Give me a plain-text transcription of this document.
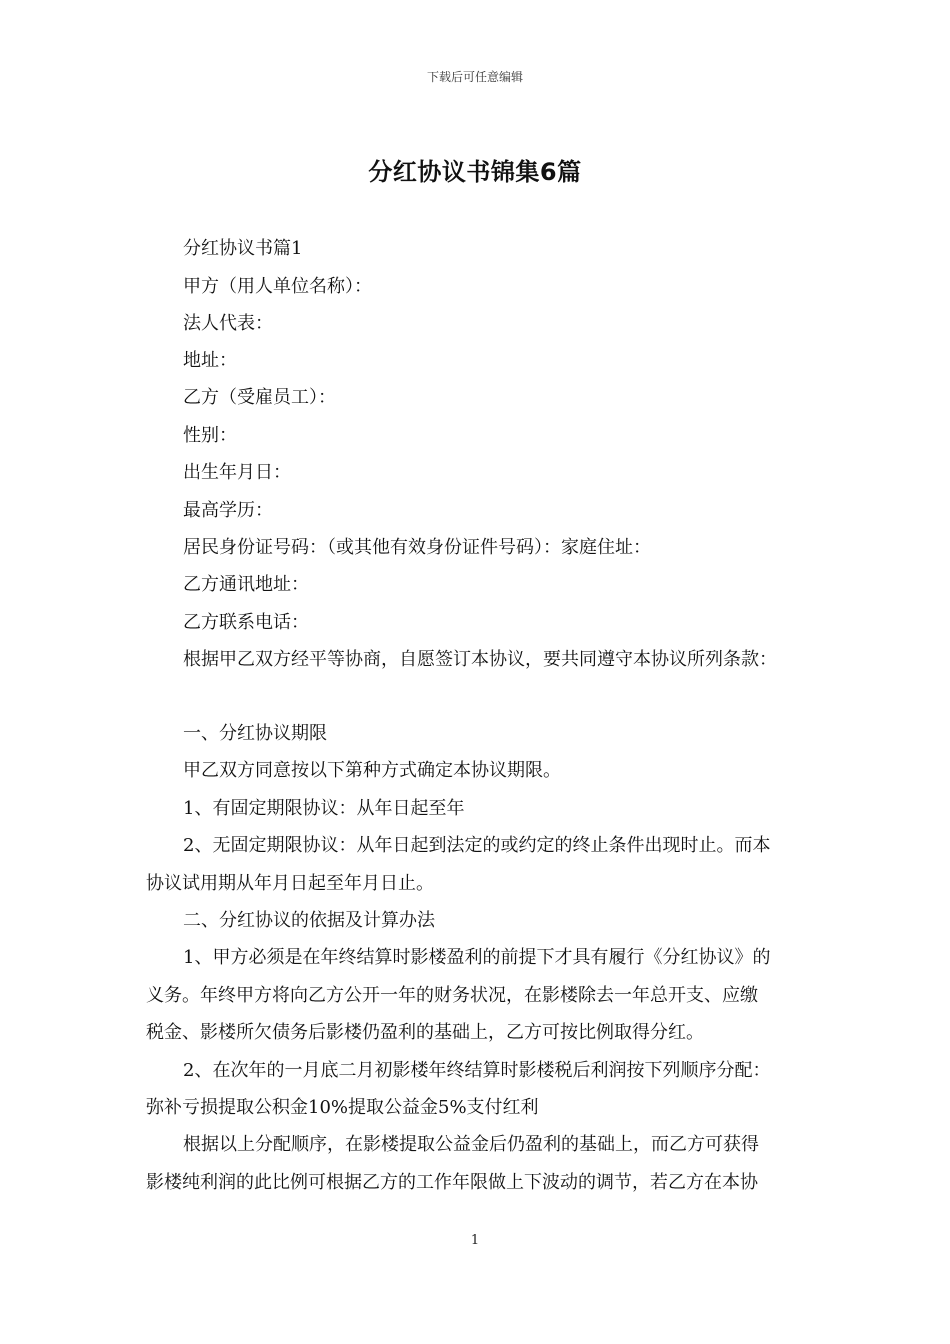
下载后可任意编辑
分红协议书锦集6篇
分红协议书篇1
甲方（用人单位名称）：
法人代表：
地址：
乙方（受雇员工）：
性别：
出生年月日：
最高学历：
居民身份证号码：（或其他有效身份证件号码）：家庭住址：
乙方通讯地址：
乙方联系电话：
根据甲乙双方经平等协商，自愿签订本协议，要共同遵守本协议所列条款：
一、分红协议期限
甲乙双方同意按以下第种方式确定本协议期限。
1、有固定期限协议：从年日起至年
2、无固定期限协议：从年日起到法定的或约定的终止条件出现时止。而本
协议试用期从年月日起至年月日止。
二、分红协议的依据及计算办法
1、甲方必须是在年终结算时影楼盈利的前提下才具有履行《分红协议》的
义务。年终甲方将向乙方公开一年的财务状况，在影楼除去一年总开支、应缴
税金、影楼所欠债务后影楼仍盈利的基础上，乙方可按比例取得分红。
2、在次年的一月底二月初影楼年终结算时影楼税后利润按下列顺序分配：
弥补亏损提取公积金10%提取公益金5%支付红利
根据以上分配顺序，在影楼提取公益金后仍盈利的基础上，而乙方可获得
影楼纯利润的此比例可根据乙方的工作年限做上下波动的调节，若乙方在本协
1
